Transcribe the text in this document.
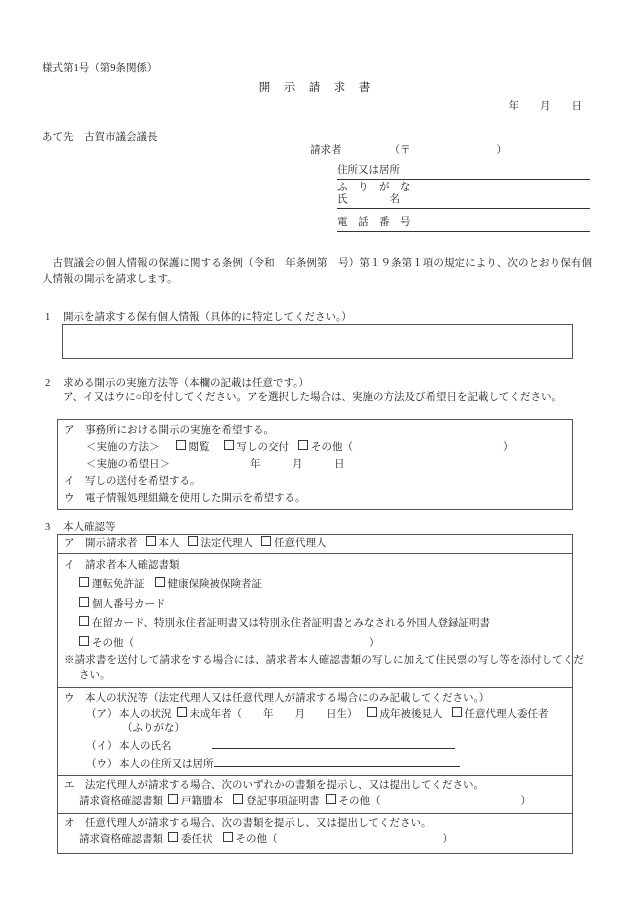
様式第1号（第9条関係）
開　示　請　求　書
年　　月　　日
あて先 古賀市議会議長
請求者	（〒	）
住所又は居所
ふ　り　が　な
氏　　　　名
電　話　番　号
古賀議会の個人情報の保護に関する条例（令和　年条例第　号）第１９条第１項の規定により、次のとおり保有個人情報の開示を請求します。
1 開示を請求する保有個人情報（具体的に特定してください。）
2 求める開示の実施方法等（本欄の記載は任意です。）
ア、イ又はウに○印を付してください。アを選択した場合は、実施の方法及び希望日を記載してください。
ア 事務所における開示の実施を希望する。
＜実施の方法＞	閲覧	写しの交付 その他（	）
＜実施の希望日＞	年　　　月　　　日
イ 写しの送付を希望する。
ウ 電子情報処理組織を使用した開示を希望する。
3 本人確認等
ア 開示請求者 本人 法定代理人 任意代理人
イ 請求者本人確認書類
運転免許証 健康保険被保険者証
個人番号カード
在留カード、特別永住者証明書又は特別永住者証明書とみなされる外国人登録証明書
その他（	）
※請求書を送付して請求をする場合には、請求者本人確認書類の写しに加えて住民票の写し等を添付してください。
ウ 本人の状況等（法定代理人又は任意代理人が請求する場合にのみ記載してください。）
（ア） 本人の状況 未成年者（　　年　　月　　日生） 成年被後見人 任意代理人委任者
（ふりがな）
（イ） 本人の氏名
（ウ） 本人の住所又は居所
エ 法定代理人が請求する場合、次のいずれかの書類を提示し、又は提出してください。
請求資格確認書類 戸籍謄本 登記事項証明書 その他（	）
オ 任意代理人が請求する場合、次の書類を提示し、又は提出してください。
請求資格確認書類 委任状 その他（	）
